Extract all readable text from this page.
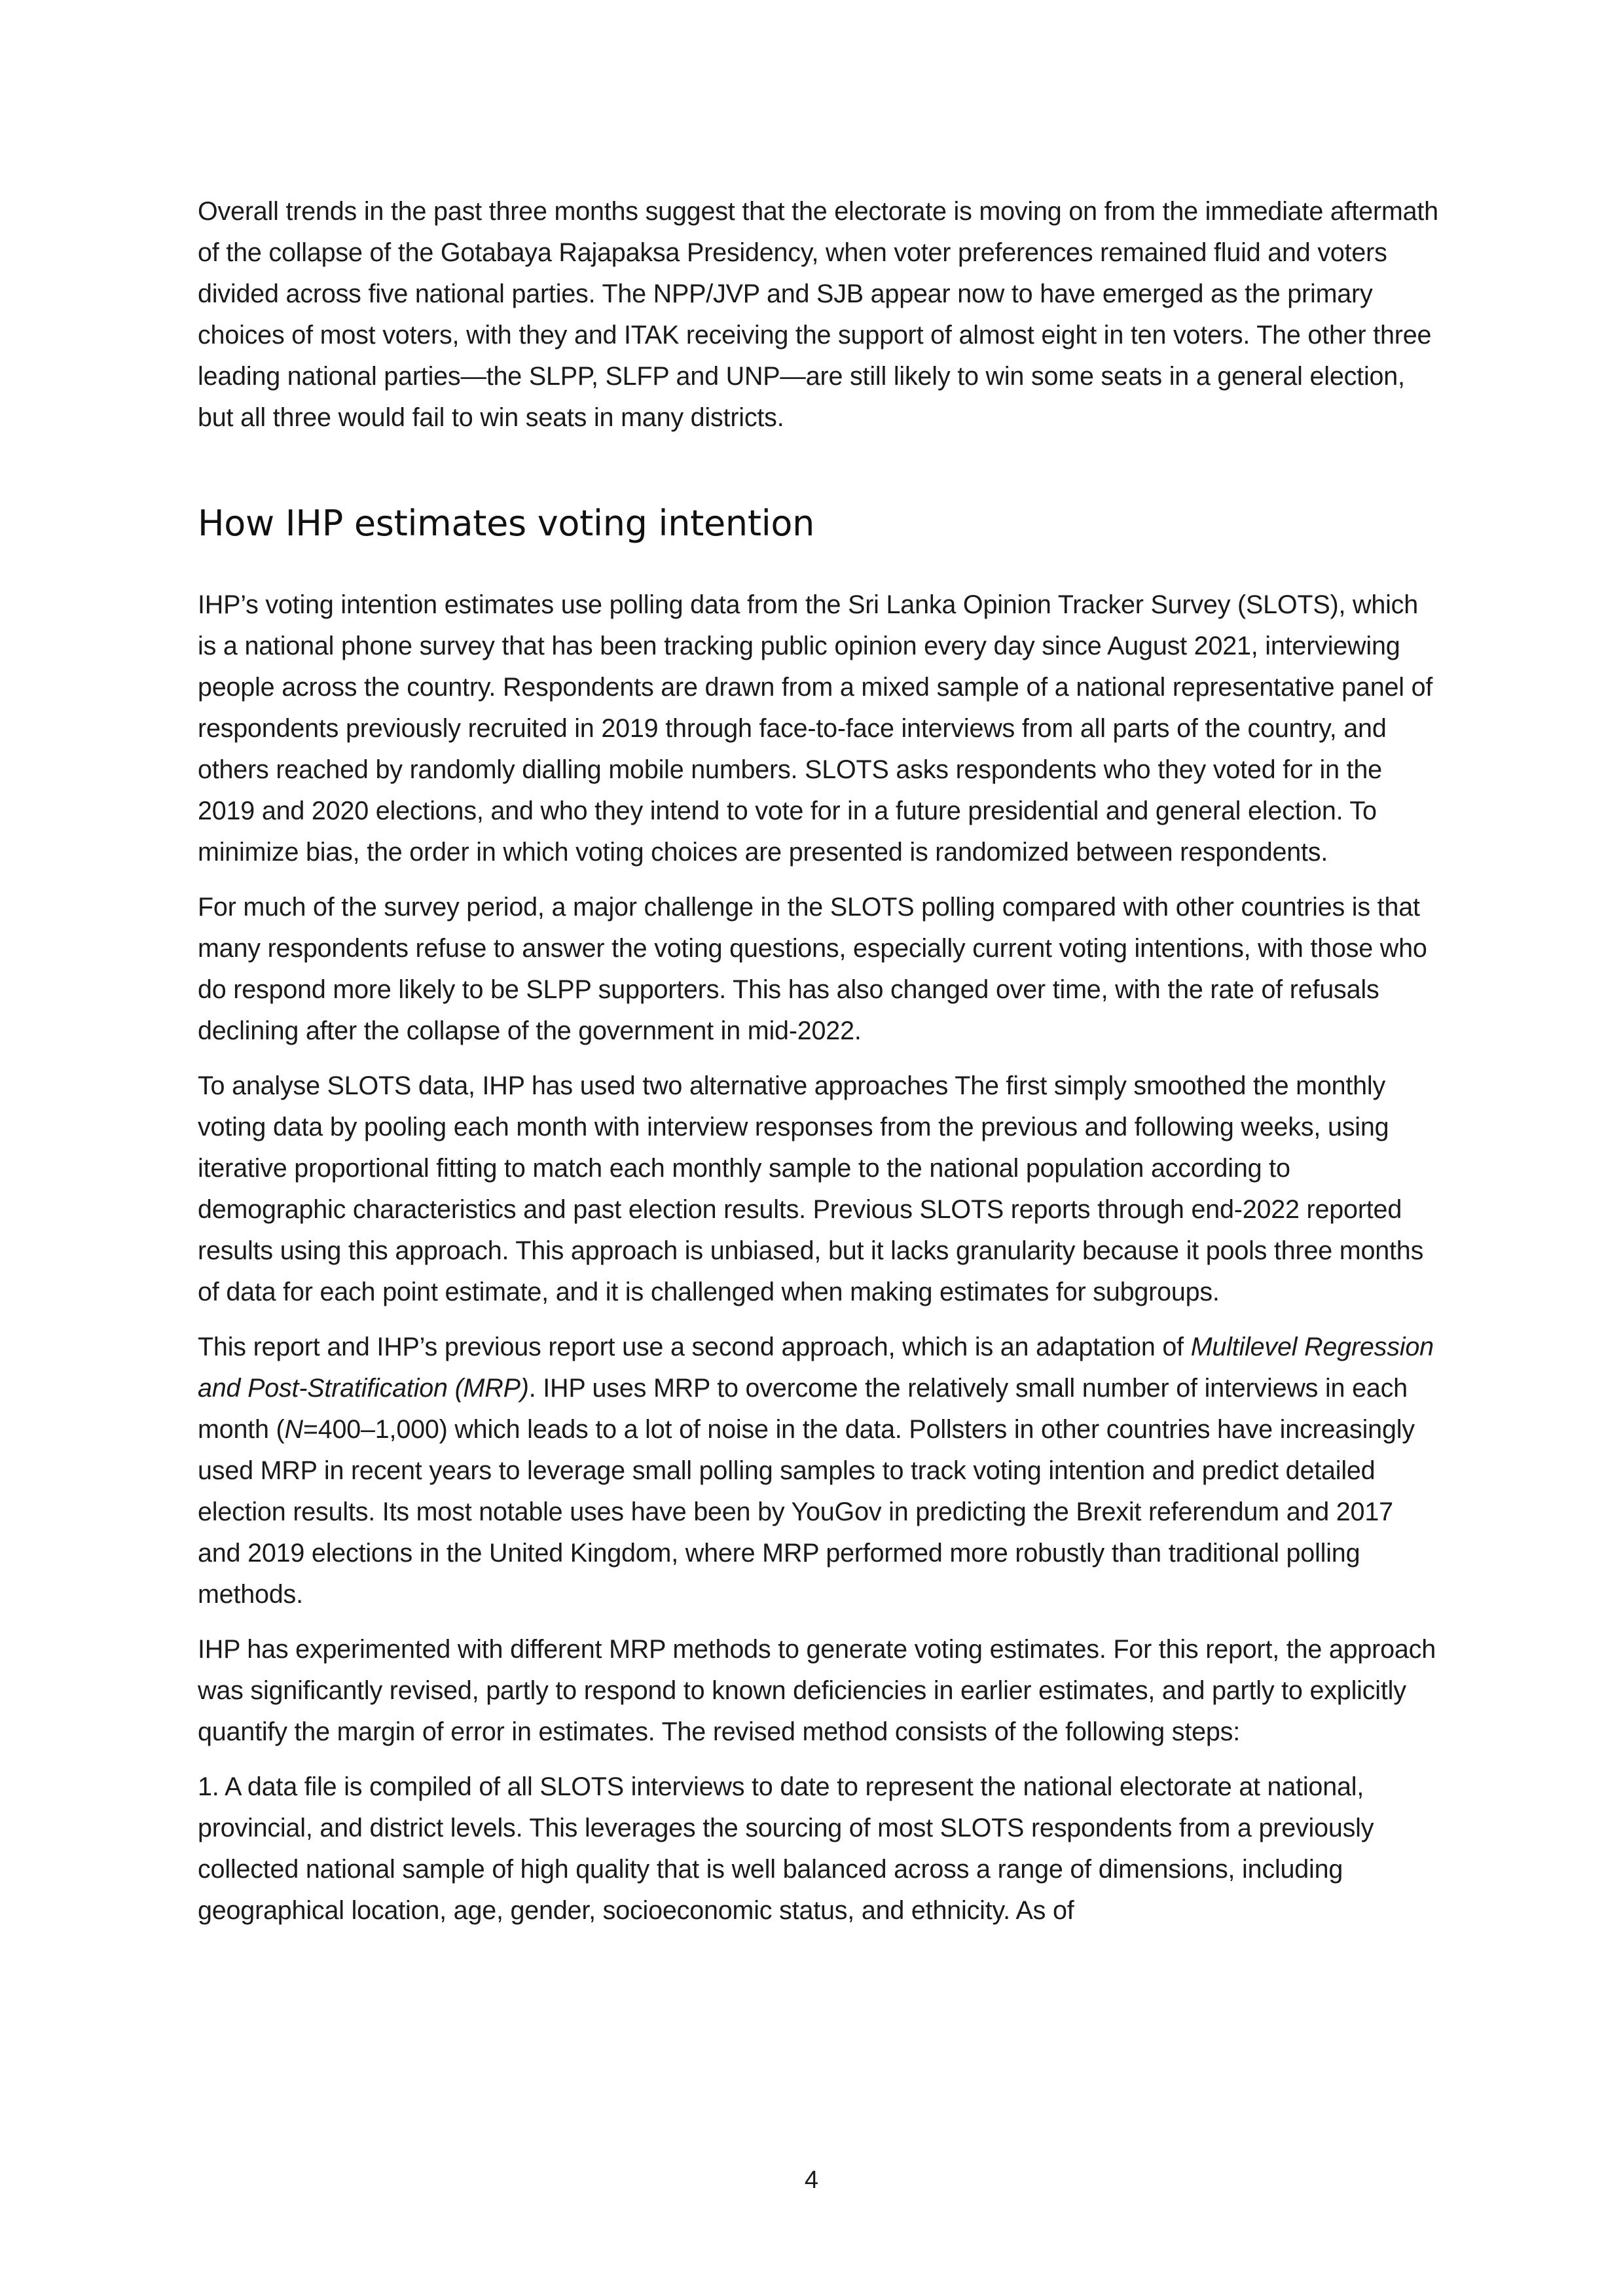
Overall trends in the past three months suggest that the electorate is moving on from the immediate aftermath of the collapse of the Gotabaya Rajapaksa Presidency, when voter preferences remained fluid and voters divided across five national parties. The NPP/JVP and SJB appear now to have emerged as the primary choices of most voters, with they and ITAK receiving the support of almost eight in ten voters. The other three leading national parties—the SLPP, SLFP and UNP—are still likely to win some seats in a general election, but all three would fail to win seats in many districts.

How IHP estimates voting intention

IHP’s voting intention estimates use polling data from the Sri Lanka Opinion Tracker Survey (SLOTS), which is a national phone survey that has been tracking public opinion every day since August 2021, interviewing people across the country. Respondents are drawn from a mixed sample of a national representative panel of respondents previously recruited in 2019 through face-to-face interviews from all parts of the country, and others reached by randomly dialling mobile numbers. SLOTS asks respondents who they voted for in the 2019 and 2020 elections, and who they intend to vote for in a future presidential and general election. To minimize bias, the order in which voting choices are presented is randomized between respondents.

For much of the survey period, a major challenge in the SLOTS polling compared with other countries is that many respondents refuse to answer the voting questions, especially current voting intentions, with those who do respond more likely to be SLPP supporters. This has also changed over time, with the rate of refusals declining after the collapse of the government in mid-2022.

To analyse SLOTS data, IHP has used two alternative approaches The first simply smoothed the monthly voting data by pooling each month with interview responses from the previous and following weeks, using iterative proportional fitting to match each monthly sample to the national population according to demographic characteristics and past election results. Previous SLOTS reports through end-2022 reported results using this approach. This approach is unbiased, but it lacks granularity because it pools three months of data for each point estimate, and it is challenged when making estimates for subgroups.

This report and IHP’s previous report use a second approach, which is an adaptation of Multilevel Regression and Post-Stratification (MRP). IHP uses MRP to overcome the relatively small number of interviews in each month (N=400–1,000) which leads to a lot of noise in the data. Pollsters in other countries have increasingly used MRP in recent years to leverage small polling samples to track voting intention and predict detailed election results. Its most notable uses have been by YouGov in predicting the Brexit referendum and 2017 and 2019 elections in the United Kingdom, where MRP performed more robustly than traditional polling methods.

IHP has experimented with different MRP methods to generate voting estimates. For this report, the approach was significantly revised, partly to respond to known deficiencies in earlier estimates, and partly to explicitly quantify the margin of error in estimates. The revised method consists of the following steps:

1. A data file is compiled of all SLOTS interviews to date to represent the national electorate at national, provincial, and district levels. This leverages the sourcing of most SLOTS respondents from a previously collected national sample of high quality that is well balanced across a range of dimensions, including geographical location, age, gender, socioeconomic status, and ethnicity. As of

4
